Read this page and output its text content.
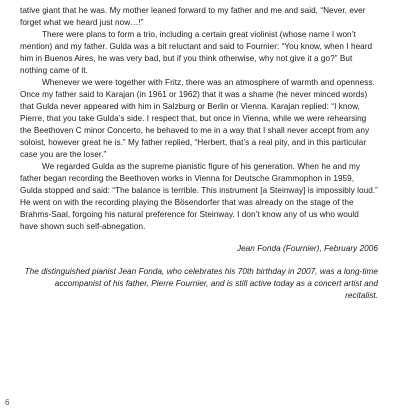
tative giant that he was. My mother leaned forward to my father and me and said, “Never, ever forget what we heard just now…!”

There were plans to form a trio, including a certain great violinist (whose name I won’t mention) and my father. Gulda was a bit reluctant and said to Fournier: “You know, when I heard him in Buenos Aires, he was very bad, but if you think otherwise, why not give it a go?” But nothing came of it.

Whenever we were together with Fritz, there was an atmosphere of warmth and openness. Once my father said to Karajan (in 1961 or 1962) that it was a shame (he never minced words) that Gulda never appeared with him in Salzburg or Berlin or Vienna. Karajan replied: “I know, Pierre, that you take Gulda’s side. I respect that, but once in Vienna, while we were rehearsing the Beethoven C minor Concerto, he behaved to me in a way that I shall never accept from any soloist, however great he is.” My father replied, “Herbert, that’s a real pity, and in this particular case you are the loser.”

We regarded Gulda as the supreme pianistic figure of his generation. When he and my father began recording the Beethoven works in Vienna for Deutsche Grammophon in 1959, Gulda stopped and said: “The balance is terrible. This instrument [a Steinway] is impossibly loud.” He went on with the recording playing the Bösendorfer that was already on the stage of the Brahms-Saal, forgoing his natural preference for Steinway. I don’t know any of us who would have shown such self-abnegation.

Jean Fonda (Fournier), February 2006

The distinguished pianist Jean Fonda, who celebrates his 70th birthday in 2007, was a long-time accompanist of his father, Pierre Fournier, and is still active today as a concert artist and recitalist.

6
